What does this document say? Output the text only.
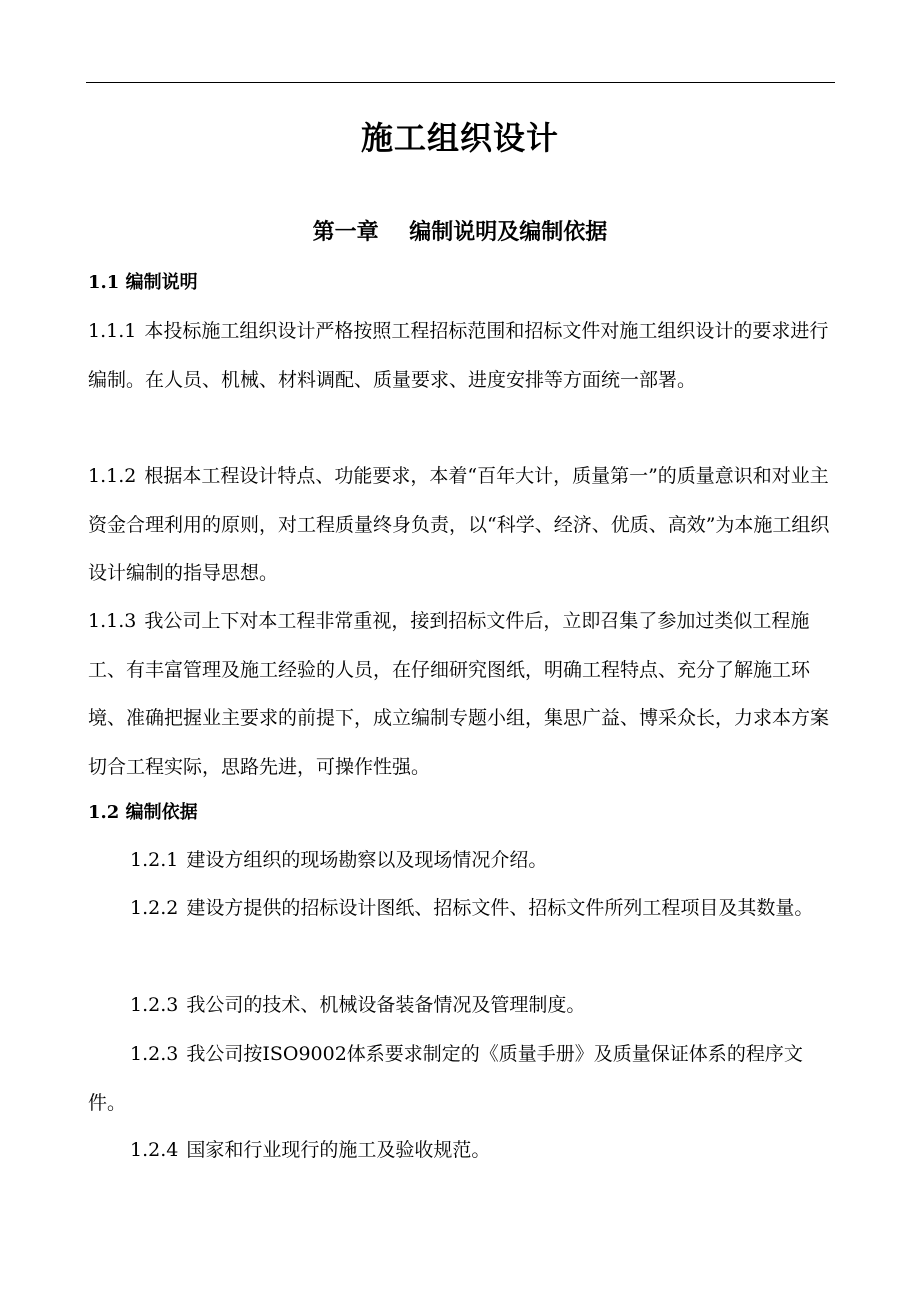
施工组织设计
第一章    编制说明及编制依据
1.1 编制说明

1.1.1 本投标施工组织设计严格按照工程招标范围和招标文件对施工组织设计的要求进行编制。在人员、机械、材料调配、质量要求、进度安排等方面统一部署。

1.1.2 根据本工程设计特点、功能要求，本着“百年大计，质量第一”的质量意识和对业主资金合理利用的原则，对工程质量终身负责，以“科学、经济、优质、高效”为本施工组织设计编制的指导思想。

1.1.3 我公司上下对本工程非常重视，接到招标文件后，立即召集了参加过类似工程施工、有丰富管理及施工经验的人员，在仔细研究图纸，明确工程特点、充分了解施工环境、准确把握业主要求的前提下，成立编制专题小组，集思广益、博采众长，力求本方案切合工程实际，思路先进，可操作性强。

1.2 编制依据

1.2.1 建设方组织的现场勘察以及现场情况介绍。

1.2.2 建设方提供的招标设计图纸、招标文件、招标文件所列工程项目及其数量。

1.2.3 我公司的技术、机械设备装备情况及管理制度。

1.2.3 我公司按ISO9002体系要求制定的《质量手册》及质量保证体系的程序文件。

1.2.4 国家和行业现行的施工及验收规范。
